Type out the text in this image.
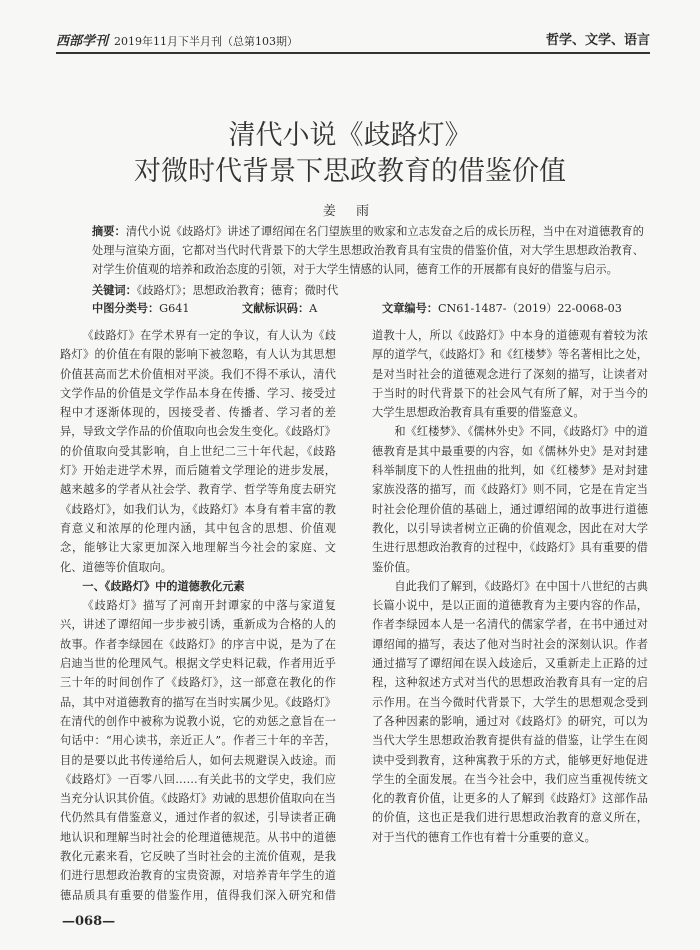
西部学刊 2019年11月下半月刊（总第103期）	哲学、文学、语言
清代小说《歧路灯》
对微时代背景下思政教育的借鉴价值
姜 雨
摘要：清代小说《歧路灯》讲述了谭绍闻在名门望族里的败家和立志发奋之后的成长历程，当中在对道德教育的处理与渲染方面，它都对当代时代背景下的大学生思想政治教育具有宝贵的借鉴价值，对大学生思想政治教育、对学生价值观的培养和政治态度的引领，对于大学生情感的认同，德育工作的开展都有良好的借鉴与启示。
关键词：《歧路灯》；思想政治教育；德育；微时代
中图分类号：G641	文献标识码：A	文章编号：CN61-1487-（2019）22-0068-03

《歧路灯》在学术界有一定的争议，有人认为《歧路灯》的价值在有限的影响下被忽略，有人认为其思想价值甚高而艺术价值相对平淡。我们不得不承认，清代文学作品的价值是文学作品本身在传播、学习、接受过程中才逐渐体现的，因接受者、传播者、学习者的差异，导致文学作品的价值取向也会发生变化。《歧路灯》的价值取向受其影响，自上世纪二三十年代起，《歧路灯》开始走进学术界，而后随着文学理论的进步发展，越来越多的学者从社会学、教育学、哲学等角度去研究《歧路灯》，如我们认为，《歧路灯》本身有着丰富的教育意义和浓厚的伦理内涵，其中包含的思想、价值观念，能够让大家更加深入地理解当今社会的家庭、文化、道德等价值取向。

一、《歧路灯》中的道德教化元素

《歧路灯》描写了河南开封谭家的中落与家道复兴，讲述了谭绍闻一步步被引诱，重新成为合格的人的故事。作者李绿园在《歧路灯》的序言中说，是为了在启迪当世的伦理风气。根据文学史料记载，作者用近乎三十年的时间创作了《歧路灯》，这一部意在教化的作品，其中对道德教育的描写在当时实属少见。《歧路灯》在清代的创作中被称为说教小说，它的劝惩之意旨在一句话中：“用心读书，亲近正人”。作者三十年的辛苦，目的是要以此书传递给后人，如何去规避误入歧途。而《歧路灯》一百零八回……有关此书的文学史，我们应当充分认识其价值。《歧路灯》劝诫的思想价值取向在当代仍然具有借鉴意义，通过作者的叙述，引导读者正确地认识和理解当时社会的伦理道德规范。从书中的道德教化元素来看，它反映了当时社会的主流价值观，是我们进行思想政治教育的宝贵资源，对培养青年学生的道德品质具有重要的借鉴作用，值得我们深入研究和借

道教十人，所以《歧路灯》中本身的道德观有着较为浓厚的道学气，《歧路灯》和《红楼梦》等名著相比之处，是对当时社会的道德观念进行了深刻的描写，让读者对于当时的时代背景下的社会风气有所了解，对于当今的大学生思想政治教育具有重要的借鉴意义。

和《红楼梦》、《儒林外史》不同，《歧路灯》中的道德教育是其中最重要的内容，如《儒林外史》是对封建科举制度下的人性扭曲的批判，如《红楼梦》是对封建家族没落的描写，而《歧路灯》则不同，它是在肯定当时社会伦理价值的基础上，通过谭绍闻的故事进行道德教化，以引导读者树立正确的价值观念，因此在对大学生进行思想政治教育的过程中，《歧路灯》具有重要的借鉴价值。

自此我们了解到，《歧路灯》在中国十八世纪的古典长篇小说中，是以正面的道德教育为主要内容的作品，作者李绿园本人是一名清代的儒家学者，在书中通过对谭绍闻的描写，表达了他对当时社会的深刻认识。作者通过描写了谭绍闻在误入歧途后，又重新走上正路的过程，这种叙述方式对当代的思想政治教育具有一定的启示作用。在当今微时代背景下，大学生的思想观念受到了各种因素的影响，通过对《歧路灯》的研究，可以为当代大学生思想政治教育提供有益的借鉴，让学生在阅读中受到教育，这种寓教于乐的方式，能够更好地促进学生的全面发展。在当今社会中，我们应当重视传统文化的教育价值，让更多的人了解到《歧路灯》这部作品的价值，这也正是我们进行思想政治教育的意义所在，对于当代的德育工作也有着十分重要的意义。

—068—
